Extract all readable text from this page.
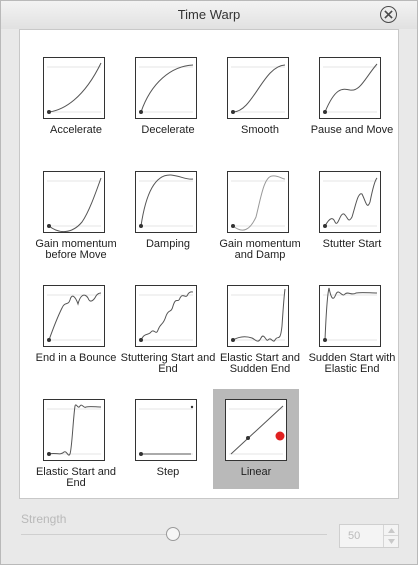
Time Warp
Accelerate	Decelerate	Smooth	Pause and Move
Gain momentum before Move
Damping	Gain momentum and Damp
Stutter Start
End in a Bounce Stuttering Start and End
Elastic Start and Sudden End
Sudden Start with Elastic End
Elastic Start and End
Step	Linear
Strength
50
